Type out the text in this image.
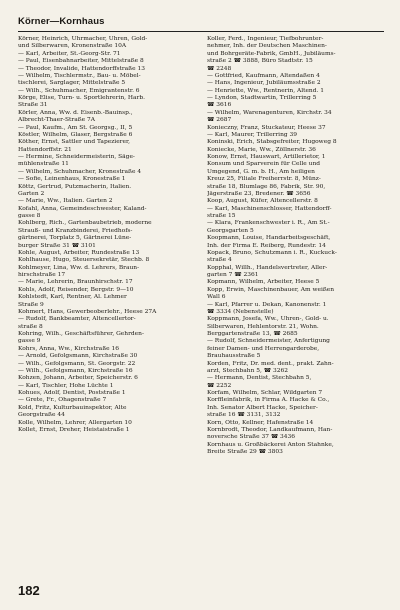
Körner—Kornhaus

Körner, Heinrich, Uhrmacher, Uhren, Gold-

und Silberwaren, Kronenstraße 10A

— Karl, Arbeiter, St.-Georg-Str. 71

— Paul, Eisenbahnarbeiter, Mittelstraße 8

— Theodor, Invalide, Hattendorffstraße 13

— Wilhelm, Tischlermstr., Bau- u. Möbel-

tischlerei, Sarglager, Mittelstraße 5

— Wilh., Schuhmacher, Emigrantenstr. 6

Körge, Elise, Turn- u. Sportlehrerin, Harb.

Straße 31

Körler, Anna, Ww. d. Eisenb.-Bauinsp.,

Albrecht-Thaer-Straße 7A

— Paul, Kaufm., Am St. Georgsg., II, 5

Köstler, Wilhelm, Glaser, Bergstraße 6

Köther, Ernst, Sattler und Tapezierer,

Hattendorffstr. 21

— Hermine, Schneidermeisterin, Säge-

mühlenstraße 11

— Wilhelm, Schuhmacher, Kronestraße 4

— Sofie, Leinenhaus, Kronestraße 1

Köttz, Gertrud, Putzmacherin, Italien.

Garten 2

— Marie, Ww., Italien. Garten 2

Kofahl, Anna, Gemeindeschwester, Kaland-

gasse 8

Kohlberg, Rich., Gartenbaubetrieb, moderne

Strauß- und Kranzbinderei, Friedhofs-

gärtnerei, Torplatz 5, Gärtnerei Lüne-

burger Straße 31 ☎ 3101

Kohle, August, Arbeiter, Rundestraße 13

Kohlhause, Hugo, Steuersekretär, Stechb. 8

Kohlmeyer, Lina, Ww. d. Lehrers, Braun-

hirschstraße 17

— Marie, Lehrerin, Braunhirschstr. 17

Kohls, Adolf, Reisender, Bergstr. 9—10

Kohlstedt, Karl, Rentner, Al. Lehmer

Straße 9

Kohmert, Hans, Gewerbeoberlehr., Heese 27A

— Rudolf, Bankbeamter, Altencellertor-

straße 8

Kohring, Wilh., Geschäftsführer, Gehrden-

gasse 9

Kohrs, Anna, Ww., Kirchstraße 16

— Arnold, Gefolgsmann, Kirchstraße 30

— Wilh., Gefolgsmann, St. Georgstr. 22

— Wilh., Gefolgsmann, Kirchstraße 16

Kohzen, Johann, Arbeiter, Speicherstr. 6

— Karl, Tischler, Hohe Lüchte 1

Kohues, Adolf, Dentist, Poststraße 1

— Grete, Fr., Ohagenstraße 7

Kold, Fritz, Kulturbauinspektor, Alte

Georgstraße 44

Kolle, Wilhelm, Lehrer, Allergarten 10

Kollet, Ernst, Dreher, Heistaistraße 1

Koller, Ferd., Ingenieur, Tiefbohrunter-

nehmer, Inh. der Deutschen Maschinen-

und Bohrgeräte-Fabrik, GmbH., Jubiläums-

straße 2 ☎ 3888, Büro Stadtstr. 15

☎ 2248

— Gottfried, Kaufmann, Altendaßen 4

— Hans, Ingenieur, Jubiläumsstraße 2

— Henriette, Ww., Rentnerin, Altend. 1

— Lyndon, Stadtwartin, Trillerring 5

☎ 3616

— Wilhelm, Warenagenturen, Kirchstr. 34

☎ 2687

Konieczny, Franz, Stuckateur, Heese 37

— Karl, Maurer, Trillerring 39

Koninski, Erich, Stabsgefreiter, Hugoweg 8

Koniecke, Marie, Ww., Zöllnerstr. 36

Konow, Ernst, Hauswart, Artillerietor, 1

Konsum und Sparverein für Celle und

Umgegend, G. m. b. H., Am heiligen

Kreuz 25, Filiale Freiherrstr. 8, Münz-

straße 18, Blumlage 86, Fabrik, Str. 90,

Jägerstraße 23, Bredener. ☎ 3656

Koop, August, Küfer, Altencellerstr. 8

— Karl, Maschinenschlosser, Hattendorff-

straße 15

— Klara, Frankenschwester i. R., Am St.-

Georgsgarten 5

Koopmann, Louise, Handarbeitsgeschäft,

Inh. der Firma E. Reiberg, Rundestr. 14

Kopack, Bruno, Schutzmann i. R., Kuckuck-

straße 4

Kopphal, Willh., Handelsvertreter, Aller-

garten 7 ☎ 2361

Kopmann, Wilhelm, Arbeiter, Heese 5

Kopp, Erwin, Maschinenbauer, Am weißen

Wall 6

— Karl, Pfarrer u. Dekan, Kanonenstr. 1

☎ 3334 (Nebenstelle)

Koppmann, Josefa, Ww., Uhren-, Gold- u.

Silberwaren, Hehlentorstr. 21, Wohn.

Berggartenstraße 13, ☎ 2685

— Rudolf, Schneidermeister, Anfertigung

feiner Damen- und Herrengarderobe,

Brauhausstraße 5

Korden, Fritz, Dr. med. dent., prakt. Zahn-

arzt, Stechbahn 5, ☎ 3262

— Hermann, Dentist, Stechbahn 5,

☎ 2252

Korfam, Wilhelm, Schlar, Wildgarten 7

Korffleinfabrik, in Firma A. Hacke & Co.,

Inh. Senator Albert Hacke, Speicher-

straße 16 ☎ 3131, 3132

Korn, Otto, Kellner, Hafenstraße 14

Kornbrodt, Theodor, Landkaufmann, Han-

noversche Straße 37 ☎ 3436

Kornhaus u. Großbäckerei Anton Stahnke,

Breite Straße 29 ☎ 3803

182
